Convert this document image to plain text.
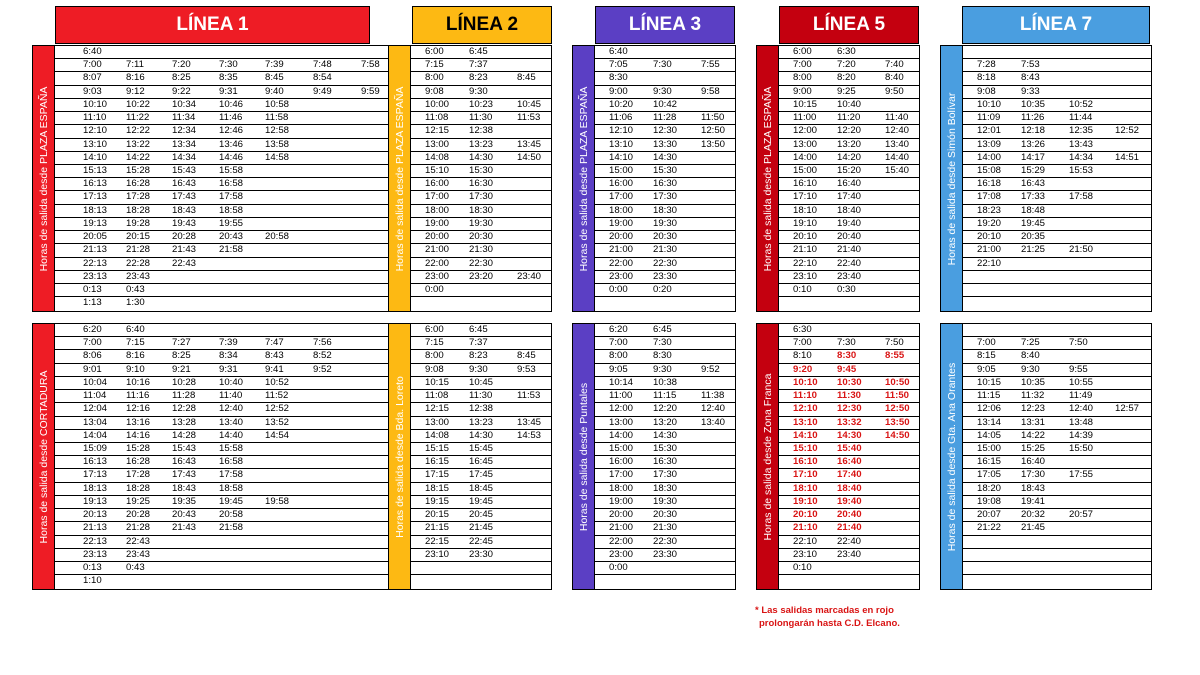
LÍNEA 1
Horas de salida desde PLAZA ESPAÑA
6:40
7:00	7:11	7:20	7:30	7:39	7:48	7:58
8:07	8:16	8:25	8:35	8:45	8:54
9:03	9:12	9:22	9:31	9:40	9:49	9:59
10:10 10:22 10:34 10:46 10:58
11:10 11:22 11:34 11:46 11:58
12:10 12:22 12:34 12:46 12:58
13:10 13:22 13:34 13:46 13:58
14:10 14:22 14:34 14:46 14:58
15:13 15:28 15:43 15:58
16:13 16:28 16:43 16:58
17:13 17:28 17:43 17:58
18:13 18:28 18:43 18:58
19:13 19:28 19:43 19:55
20:05 20:15 20:28 20:43 20:58
21:13 21:28 21:43 21:58
22:13 22:28 22:43
23:13 23:43
0:13	0:43
1:13	1:30
Horas de salida desde CORTADURA
6:20	6:40
7:00	7:15	7:27	7:39	7:47	7:56
8:06	8:16	8:25	8:34	8:43	8:52
9:01	9:10	9:21	9:31	9:41	9:52
10:04 10:16 10:28 10:40 10:52
11:04 11:16 11:28 11:40 11:52
12:04 12:16 12:28 12:40 12:52
13:04 13:16 13:28 13:40 13:52
14:04 14:16 14:28 14:40 14:54
15:09 15:28 15:43 15:58
16:13 16:28 16:43 16:58
17:13 17:28 17:43 17:58
18:13 18:28 18:43 18:58
19:13 19:25 19:35 19:45 19:58
20:13 20:28 20:43 20:58
21:13 21:28 21:43 21:58
22:13 22:43
23:13 23:43
0:13	0:43
1:10
LÍNEA 2
Horas de salida desde PLAZA ESPAÑA
6:00	6:45
7:15	7:37
8:00	8:23	8:45
9:08	9:30
10:00 10:23 10:45
11:08 11:30	11:53
12:15 12:38
13:00 13:23 13:45
14:08 14:30 14:50
15:10 15:30
16:00 16:30
17:00 17:30
18:00 18:30
19:00 19:30
20:00 20:30
21:00 21:30
22:00 22:30
23:00 23:20 23:40
0:00
Horas de salida desde Bda. Loreto
6:00	6:45
7:15	7:37
8:00	8:23	8:45
9:08	9:30	9:53
10:15 10:45
11:08 11:30	11:53
12:15 12:38
13:00 13:23 13:45
14:08 14:30 14:53
15:15 15:45
16:15 16:45
17:15 17:45
18:15 18:45
19:15 19:45
20:15 20:45
21:15 21:45
22:15 22:45
23:10 23:30
LÍNEA 3
Horas de salida desde PLAZA ESPAÑA
6:40
7:05	7:30	7:55
8:30
9:00	9:30	9:58
10:20 10:42
11:06 11:28	11:50
12:10 12:30 12:50
13:10 13:30 13:50
14:10 14:30
15:00 15:30
16:00 16:30
17:00 17:30
18:00 18:30
19:00 19:30
20:00 20:30
21:00 21:30
22:00 22:30
23:00 23:30
0:00	0:20
Horas de salida desde Puntales
6:20	6:45
7:00	7:30
8:00	8:30
9:05	9:30	9:52
10:14 10:38
11:00 11:15	11:38
12:00 12:20 12:40
13:00 13:20 13:40
14:00 14:30
15:00 15:30
16:00 16:30
17:00 17:30
18:00 18:30
19:00 19:30
20:00 20:30
21:00 21:30
22:00 22:30
23:00 23:30
0:00
LÍNEA 5
Horas de salida desde PLAZA ESPAÑA
6:00	6:30
7:00	7:20	7:40
8:00	8:20	8:40
9:00	9:25	9:50
10:15 10:40
11:00 11:20	11:40
12:00 12:20 12:40
13:00 13:20 13:40
14:00 14:20 14:40
15:00 15:20 15:40
16:10 16:40
17:10 17:40
18:10 18:40
19:10 19:40
20:10 20:40
21:10 21:40
22:10 22:40
23:10 23:40
0:10	0:30
Horas de salida desde Zona Franca
6:30
7:00	7:30	7:50
8:10	8:30	8:55
9:20	9:45
10:10 10:30 10:50
11:10 11:30 11:50
12:10 12:30 12:50
13:10 13:32 13:50
14:10 14:30 14:50
15:10 15:40
16:10 16:40
17:10 17:40
18:10 18:40
19:10 19:40
20:10 20:40
21:10 21:40
22:10 22:40
23:10 23:40
0:10
LÍNEA 7
Horas de salida desde Simón Bolívar
7:28	7:53
8:18	8:43
9:08	9:33
10:10 10:35 10:52
11:09 11:26	11:44
12:01 12:18 12:35 12:52
13:09 13:26 13:43
14:00 14:17 14:34 14:51
15:08 15:29 15:53
16:18 16:43
17:08 17:33 17:58
18:23 18:48
19:20 19:45
20:10 20:35
21:00 21:25 21:50
22:10
Horas de salida desde Gta. Ana Orantes
7:00	7:25	7:50
8:15	8:40
9:05	9:30	9:55
10:15 10:35 10:55
11:15 11:32	11:49
12:06 12:23 12:40 12:57
13:14 13:31 13:48
14:05 14:22 14:39
15:00 15:25 15:50
16:15 16:40
17:05 17:30 17:55
18:20 18:43
19:08 19:41
20:07 20:32 20:57
21:22 21:45
* Las salidas marcadas en rojo
prolongarán hasta C.D. Elcano.
